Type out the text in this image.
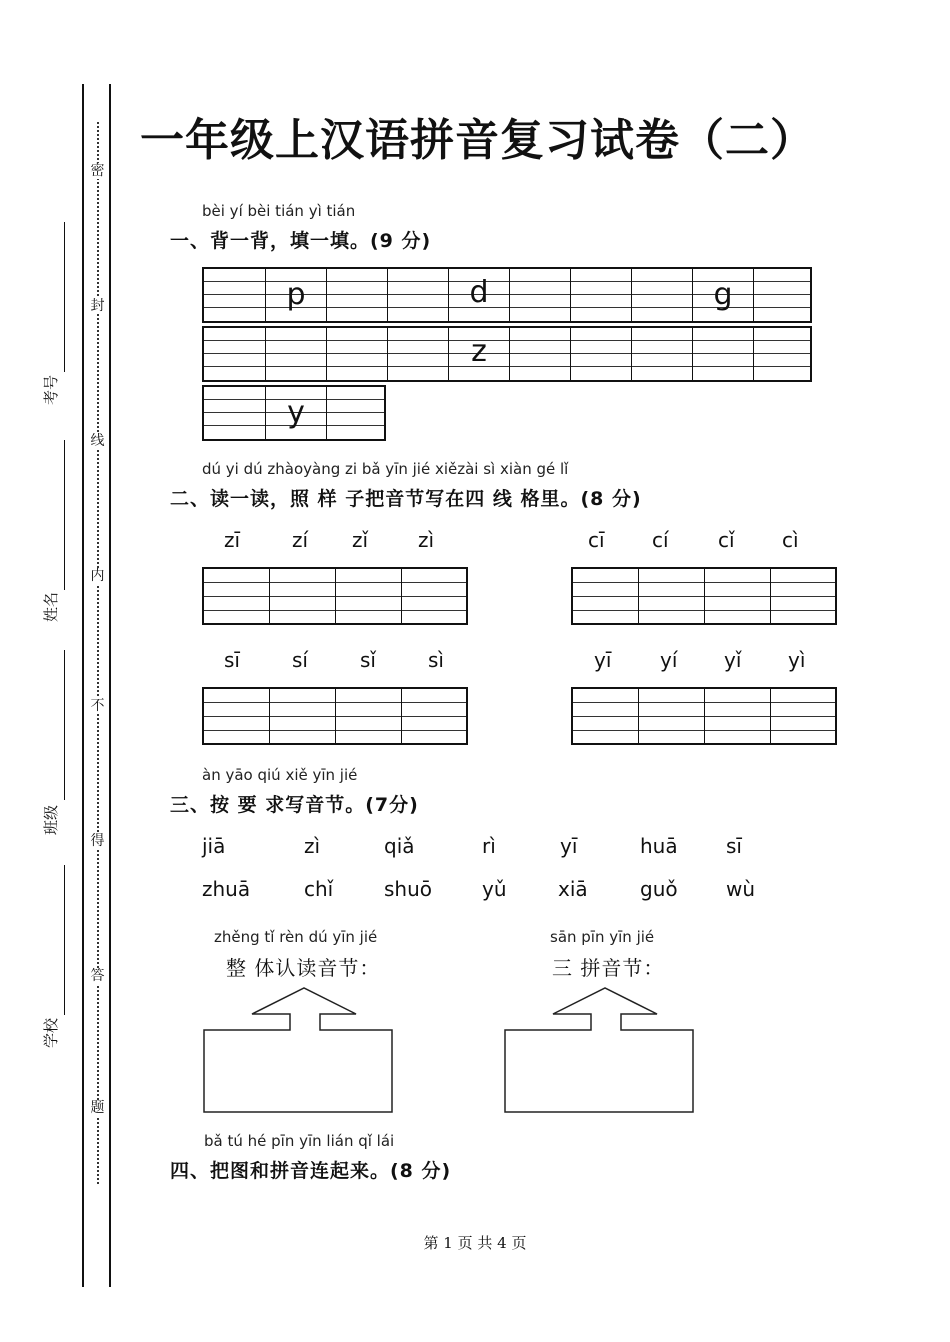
密
封
线
内
不
得
答
题
考号
姓名
班级
学校
一年级上汉语拼音复习试卷（二）
bèi yí bèi tián yì tián
一、背一背，填一填。(9 分)
p	d	g
z
y
dú yi dú zhàoyàng zi bǎ yīn jié xiězài sì xiàn gé lǐ
二、读一读，照 样 子把音节写在四 线 格里。(8 分)
zī	zí zǐ zì	cī cí cǐ cì
sī	sí	sǐ	sì	yī yí yǐ yì
àn yāo qiú xiě yīn jié
三、按 要 求写音节。(7分)
jiā	zì	qiǎ	rì	yī	huā sī
zhuā	chǐ	shuō yǔ	xiā	guǒ wù
zhěng tǐ rèn dú yīn jié
整 体认读音节：
sān pīn yīn jié
三 拼音节：
bǎ tú hé pīn yīn lián qǐ lái
四、把图和拼音连起来。(8 分)
第 1 页 共 4 页
